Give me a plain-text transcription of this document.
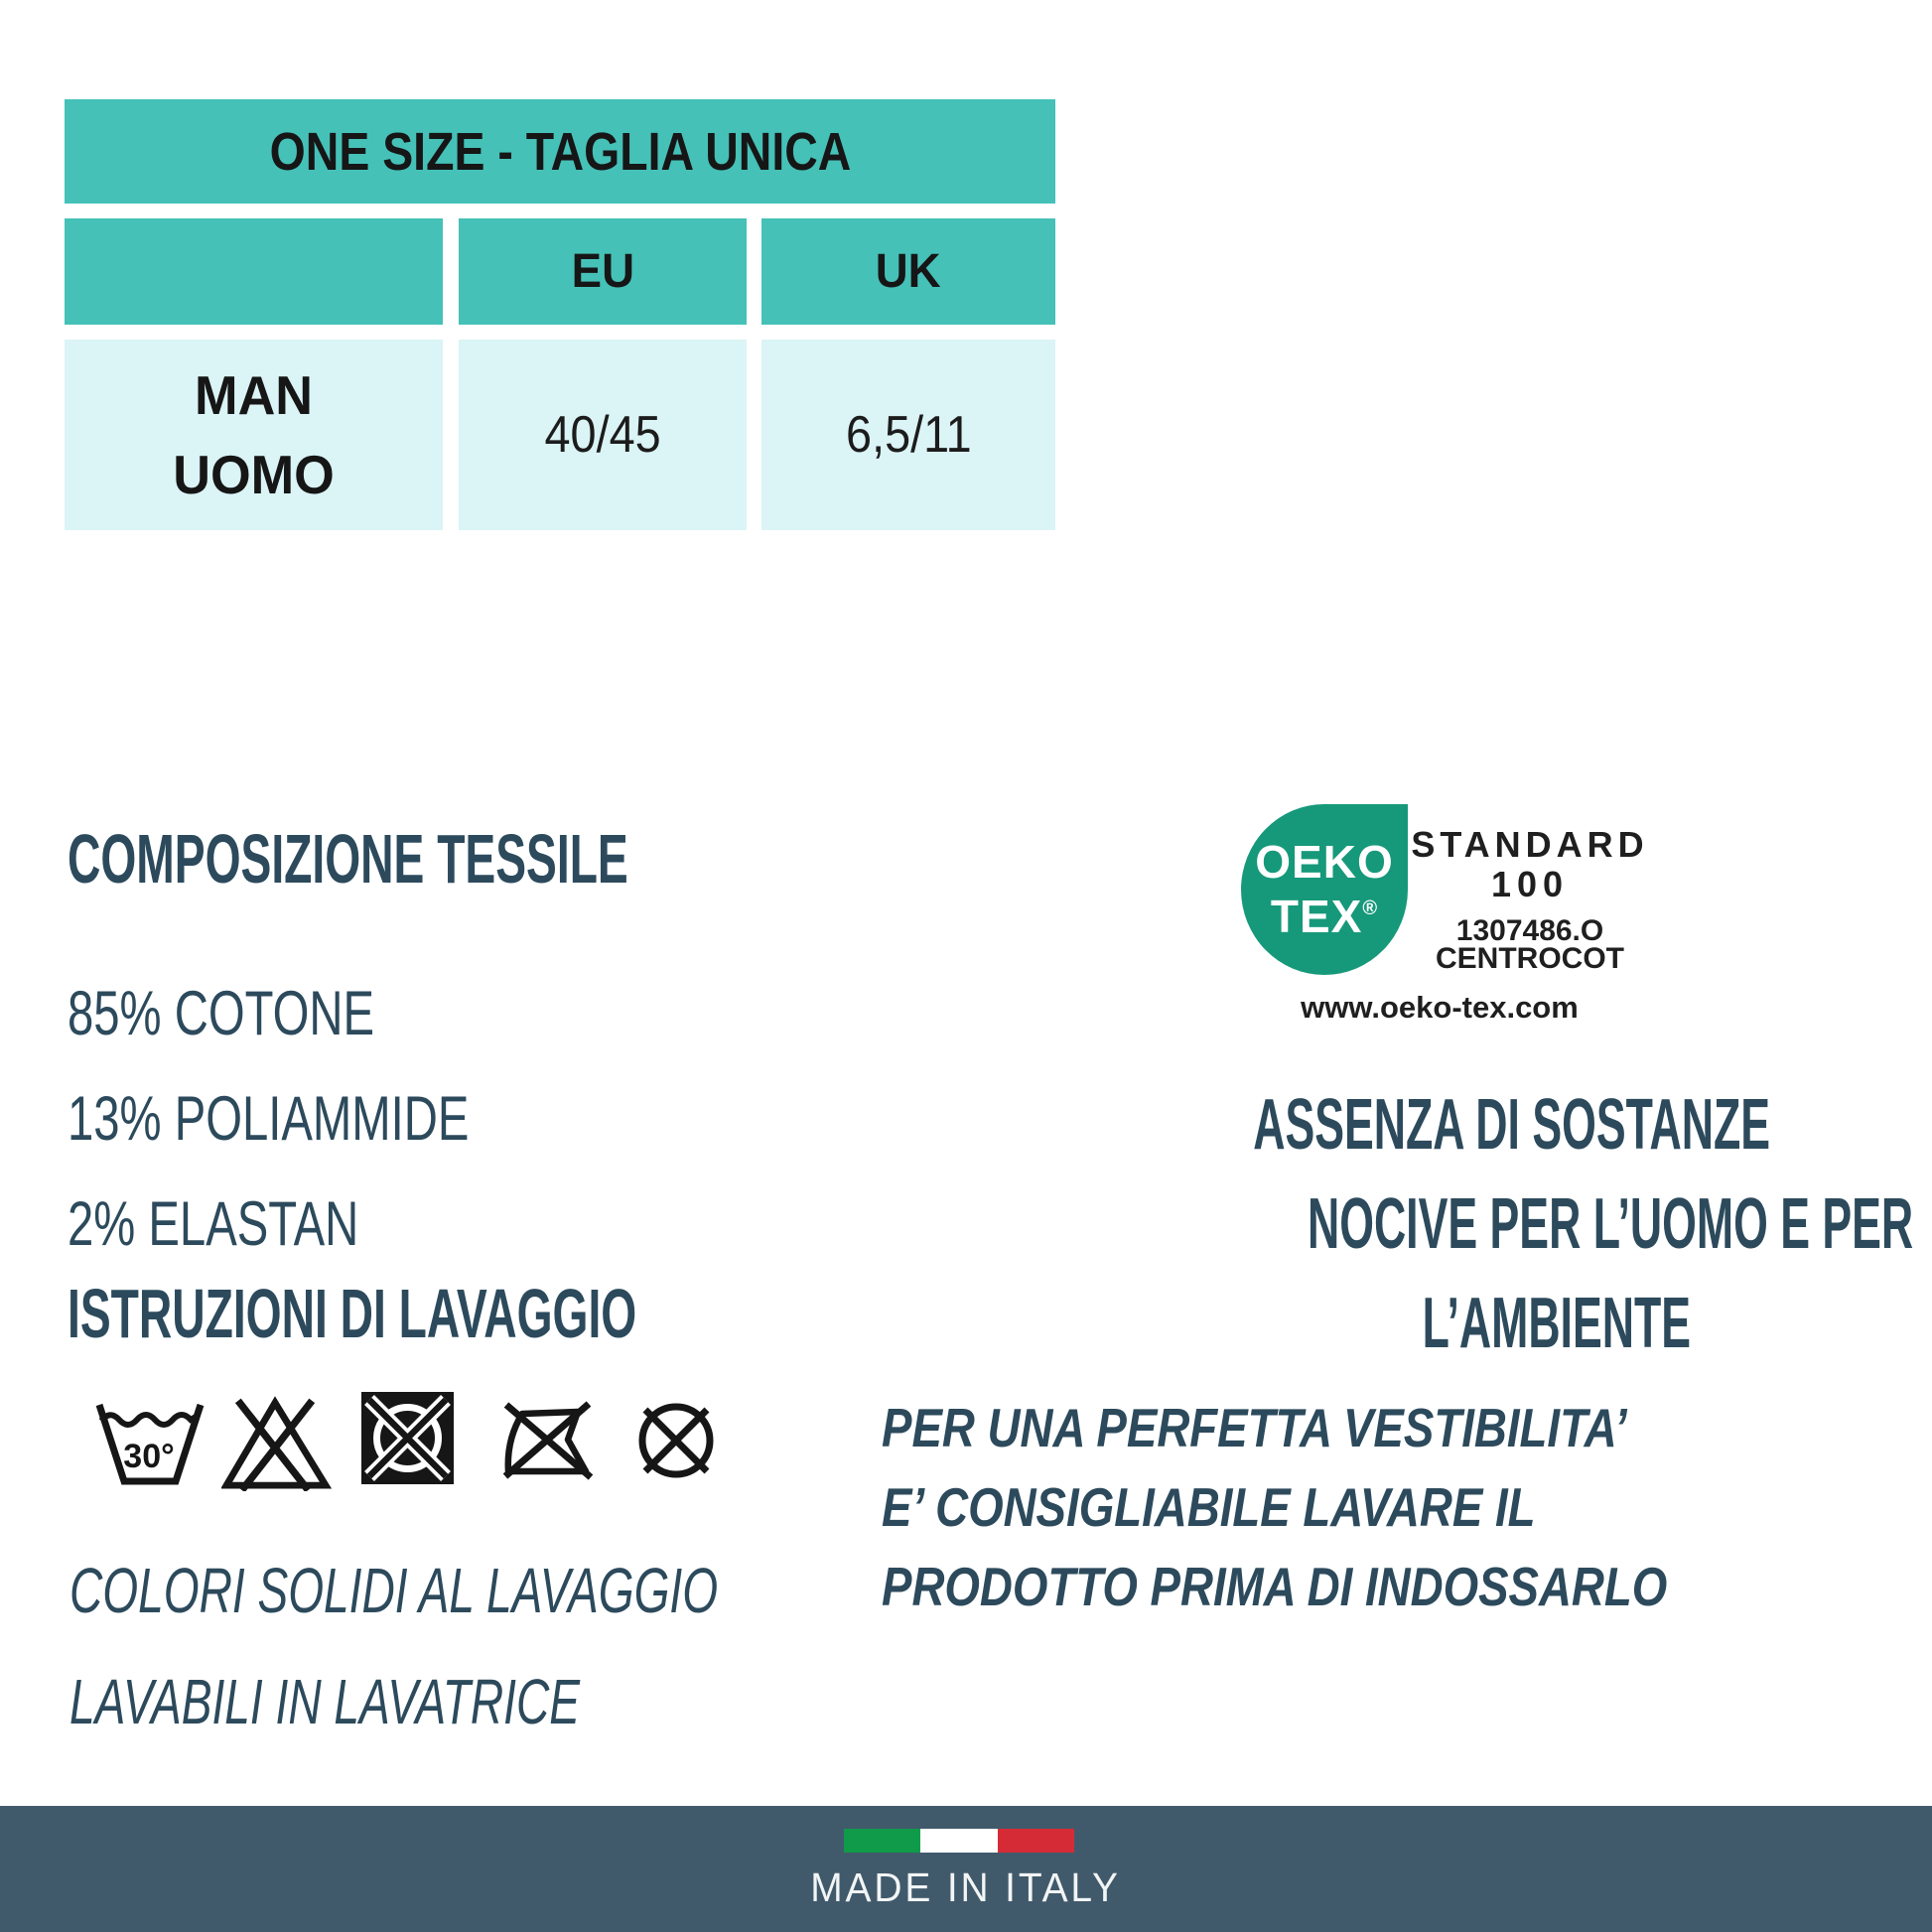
ONE SIZE - TAGLIA UNICA
EU	UK
MAN
UOMO
40/45	6,5/11
COMPOSIZIONE TESSILE
85% COTONE
13% POLIAMMIDE
2% ELASTAN
ISTRUZIONI DI LAVAGGIO
30°
COLORI SOLIDI AL LAVAGGIO
LAVABILI IN LAVATRICE
OEKO
TEX®
STANDARD
100
1307486.O
CENTROCOT
www.oeko-tex.com
ASSENZA DI SOSTANZE
NOCIVE PER L’UOMO E PER
L’AMBIENTE
PER UNA PERFETTA VESTIBILITA’
E’ CONSIGLIABILE LAVARE IL
PRODOTTO PRIMA DI INDOSSARLO
MADE IN ITALY
